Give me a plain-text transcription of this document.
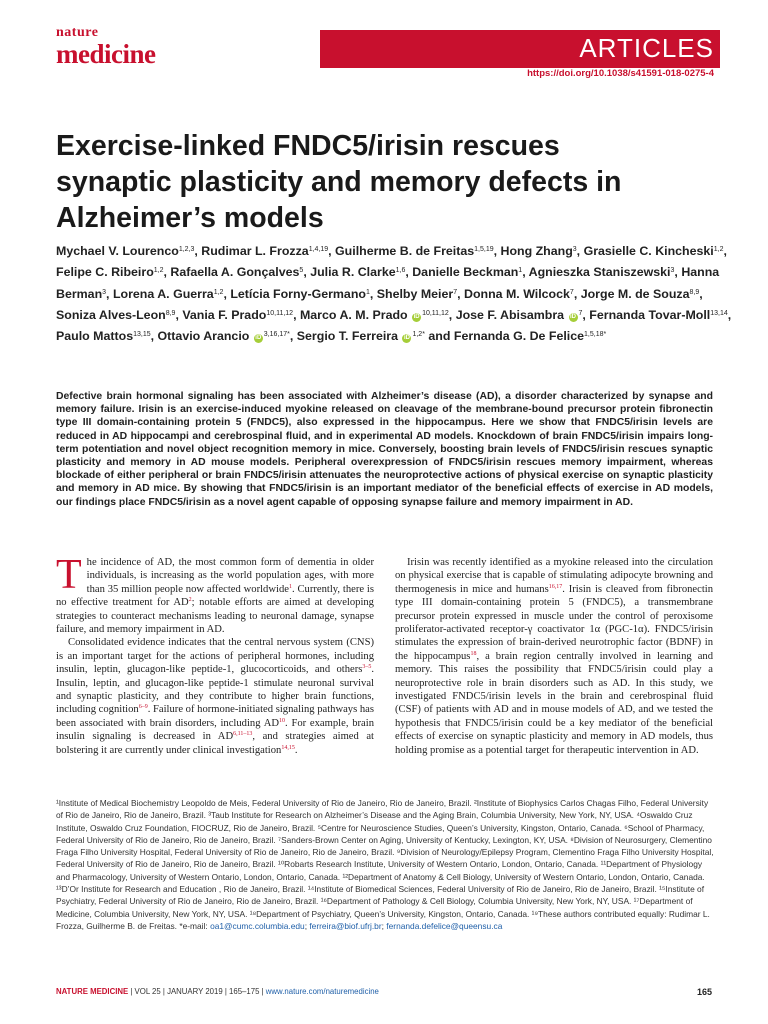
nature
medicine	ARTICLES
https://doi.org/10.1038/s41591-018-0275-4
Exercise-linked FNDC5/irisin rescues synaptic plasticity and memory defects in Alzheimer’s models
Mychael V. Lourenco$^{1,2,3}$, Rudimar L. Frozza$^{1,4,19}$, Guilherme B. de Freitas$^{1,5,19}$, Hong Zhang$^3$, Grasielle C. Kincheski$^{1,2}$, Felipe C. Ribeiro$^{1,2}$, Rafaella A. Gonçalves$^5$, Julia R. Clarke$^{1,6}$, Danielle Beckman$^1$, Agnieszka Staniszewski$^3$, Hanna Berman$^3$, Lorena A. Guerra$^{1,2}$, Letícia Forny-Germano$^1$, Shelby Meier$^7$, Donna M. Wilcock$^7$, Jorge M. de Souza$^{8,9}$, Soniza Alves-Leon$^{8,9}$, Vania F. Prado$^{10,11,12}$, Marco A. M. Prado iD $^{10,11,12}$, Jose F. Abisambra iD $^7$, Fernanda Tovar-Moll$^{13,14}$, Paulo Mattos$^{13,15}$, Ottavio Arancio iD $^{3,16,17*}$, Sergio T. Ferreira iD $^{1,2*}$ and Fernanda G. De Felice$^{1,5,18*}$
Defective brain hormonal signaling has been associated with Alzheimer’s disease (AD), a disorder characterized by synapse and memory failure. Irisin is an exercise-induced myokine released on cleavage of the membrane-bound precursor protein fibronectin type III domain-containing protein 5 (FNDC5), also expressed in the hippocampus. Here we show that FNDC5/irisin levels are reduced in AD hippocampi and cerebrospinal fluid, and in experimental AD models. Knockdown of brain FNDC5/irisin impairs long-term potentiation and novel object recognition memory in mice. Conversely, boosting brain levels of FNDC5/irisin rescues synaptic plasticity and memory in AD mouse models. Peripheral overexpression of FNDC5/irisin rescues memory impairment, whereas blockade of either peripheral or brain FNDC5/irisin attenuates the neuroprotective actions of physical exercise on synaptic plasticity and memory in AD mice. By showing that FNDC5/irisin is an important mediator of the beneficial effects of exercise in AD models, our findings place FNDC5/irisin as a novel agent capable of opposing synapse failure and memory impairment in AD.

The incidence of AD, the most common form of dementia in older individuals, is increasing as the world population ages, with more than 35 million people now affected worldwide$^1$. Currently, there is no effective treatment for $AD^2$; notable efforts are aimed at developing strategies to counteract mechanisms leading to neuronal damage, synapse failure, and memory impairment in AD.

Consolidated evidence indicates that the central nervous system (CNS) is an important target for the actions of peripheral hormones, including insulin, leptin, glucagon-like peptide-1, glucocorticoids, and others$^{3-5}$. Insulin, leptin, and glucagon-like peptide-1 stimulate neuronal survival and synaptic plasticity, and they contribute to higher brain functions, including cognition$^{6-9}$. Failure of hormone-initiated signaling pathways has been associated with brain disorders, including AD$^{10}$. For example, brain insulin signaling is decreased in AD$^{6,11-13}$, and strategies aimed at bolstering it are currently under clinical investigation$^{14,15}$.

Irisin was recently identified as a myokine released into the circulation on physical exercise that is capable of stimulating adipocyte browning and thermogenesis in mice and humans$^{16,17}$. Irisin is cleaved from fibronectin type III domain-containing protein 5 (FNDC5), a transmembrane precursor protein expressed in muscle under the control of peroxisome proliferator-activated receptor-γ coactivator 1α (PGC-1α). FNDC5/irisin stimulates the expression of brain-derived neurotrophic factor (BDNF) in the hippocampus$^{18}$, a brain region centrally involved in learning and memory. This raises the possibility that FNDC5/irisin could play a neuroprotective role in brain disorders such as AD. In this study, we investigated FNDC5/irisin levels in the brain and cerebrospinal fluid (CSF) of patients with AD and in mouse models of AD, and we tested the hypothesis that FNDC5/irisin could be a key mediator of the beneficial effects of exercise on synaptic plasticity and memory in AD models, thus holding promise as a potential target for therapeutic intervention in AD.

¹Institute of Medical Biochemistry Leopoldo de Meis, Federal University of Rio de Janeiro, Rio de Janeiro, Brazil. ²Institute of Biophysics Carlos Chagas Filho, Federal University of Rio de Janeiro, Rio de Janeiro, Brazil. ³Taub Institute for Research on Alzheimer’s Disease and the Aging Brain, Columbia University, New York, NY, USA. ⁴Oswaldo Cruz Institute, Oswaldo Cruz Foundation, FIOCRUZ, Rio de Janeiro, Brazil. ⁵Centre for Neuroscience Studies, Queen’s University, Kingston, Ontario, Canada. ⁶School of Pharmacy, Federal University of Rio de Janeiro, Rio de Janeiro, Brazil. ⁷Sanders-Brown Center on Aging, University of Kentucky, Lexington, KY, USA. ⁸Division of Neurosurgery, Clementino Fraga Filho University Hospital, Federal University of Rio de Janeiro, Rio de Janeiro, Brazil. ⁹Division of Neurology/Epilepsy Program, Clementino Fraga Filho University Hospital, Federal University of Rio de Janeiro, Rio de Janeiro, Brazil. ¹⁰Robarts Research Institute, University of Western Ontario, London, Ontario, Canada. ¹¹Department of Physiology and Pharmacology, University of Western Ontario, London, Ontario, Canada. ¹²Department of Anatomy & Cell Biology, University of Western Ontario, London, Ontario, Canada. ¹³D’Or Institute for Research and Education , Rio de Janeiro, Brazil. ¹⁴Institute of Biomedical Sciences, Federal University of Rio de Janeiro, Rio de Janeiro, Brazil. ¹⁵Institute of Psychiatry, Federal University of Rio de Janeiro, Rio de Janeiro, Brazil. ¹⁶Department of Pathology & Cell Biology, Columbia University, New York, NY, USA. ¹⁷Department of Medicine, Columbia University, New York, NY, USA. ¹⁸Department of Psychiatry, Queen’s University, Kingston, Ontario, Canada. ¹⁹These authors contributed equally: Rudimar L. Frozza, Guilherme B. de Freitas. *e-mail: oa1@cumc.columbia.edu; ferreira@biof.ufrj.br; fernanda.defelice@queensu.ca
NATURE MEDICINE | VOL 25 | JANUARY 2019 | 165–175 | www.nature.com/naturemedicine	165
